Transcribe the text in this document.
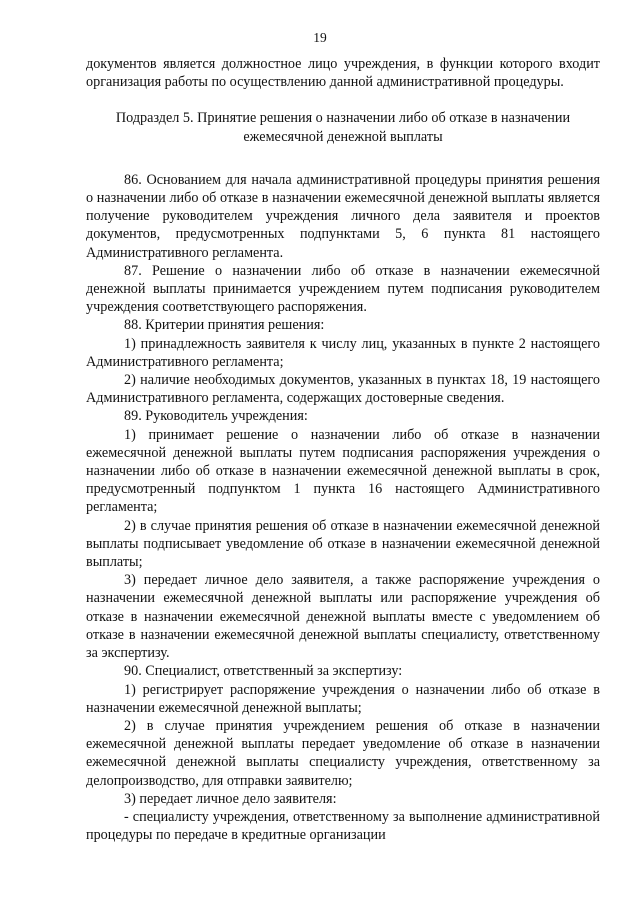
19

документов является должностное лицо учреждения, в функции которого входит организация работы по осуществлению данной административной процедуры.

Подраздел 5. Принятие решения о назначении либо об отказе в назначении ежемесячной денежной выплаты

86. Основанием для начала административной процедуры принятия решения о назначении либо об отказе в назначении ежемесячной денежной выплаты является получение руководителем учреждения личного дела заявителя и проектов документов, предусмотренных подпунктами 5, 6 пункта 81 настоящего Административного регламента.

87. Решение о назначении либо об отказе в назначении ежемесячной денежной выплаты принимается учреждением путем подписания руководителем учреждения соответствующего распоряжения.

88. Критерии принятия решения:

1) принадлежность заявителя к числу лиц, указанных в пункте 2 настоящего Административного регламента;

2) наличие необходимых документов, указанных в пунктах 18, 19 настоящего Административного регламента, содержащих достоверные сведения.

89. Руководитель учреждения:

1) принимает решение о назначении либо об отказе в назначении ежемесячной денежной выплаты путем подписания распоряжения учреждения о назначении либо об отказе в назначении ежемесячной денежной выплаты в срок, предусмотренный подпунктом 1 пункта 16 настоящего Административного регламента;

2) в случае принятия решения об отказе в назначении ежемесячной денежной выплаты подписывает уведомление об отказе в назначении ежемесячной денежной выплаты;

3) передает личное дело заявителя, а также распоряжение учреждения о назначении ежемесячной денежной выплаты или распоряжение учреждения об отказе в назначении ежемесячной денежной выплаты вместе с уведомлением об отказе в назначении ежемесячной денежной выплаты специалисту, ответственному за экспертизу.

90. Специалист, ответственный за экспертизу:

1) регистрирует распоряжение учреждения о назначении либо об отказе в назначении ежемесячной денежной выплаты;

2) в случае принятия учреждением решения об отказе в назначении ежемесячной денежной выплаты передает уведомление об отказе в назначении ежемесячной денежной выплаты специалисту учреждения, ответственному за делопроизводство, для отправки заявителю;

3) передает личное дело заявителя:

- специалисту учреждения, ответственному за выполнение административной процедуры по передаче в кредитные организации
